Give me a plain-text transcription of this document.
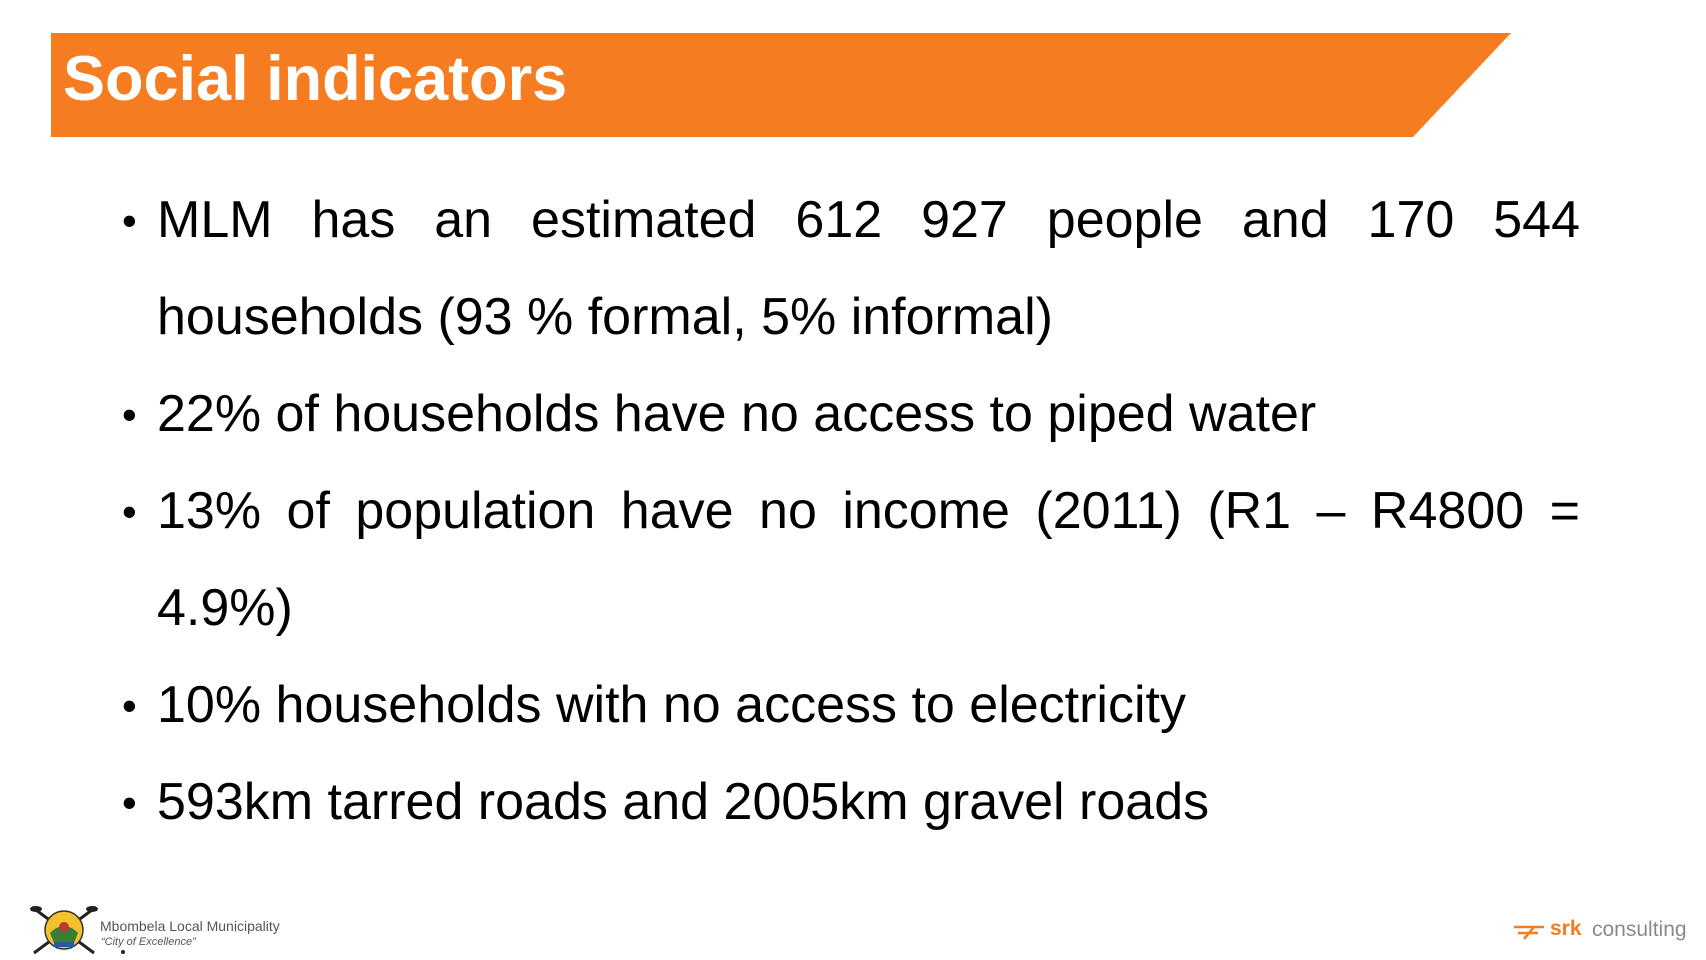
Social indicators
• MLM has an estimated 612 927 people and 170 544 households (93 % formal, 5% informal)
• 22% of households have no access to piped water
• 13% of population have no income (2011) (R1 – R4800 = 4.9%)
• 10% households with no access to electricity
• 593km tarred roads and 2005km gravel roads
Mbombela Local Municipality
“City of Excellence”
srk consulting
